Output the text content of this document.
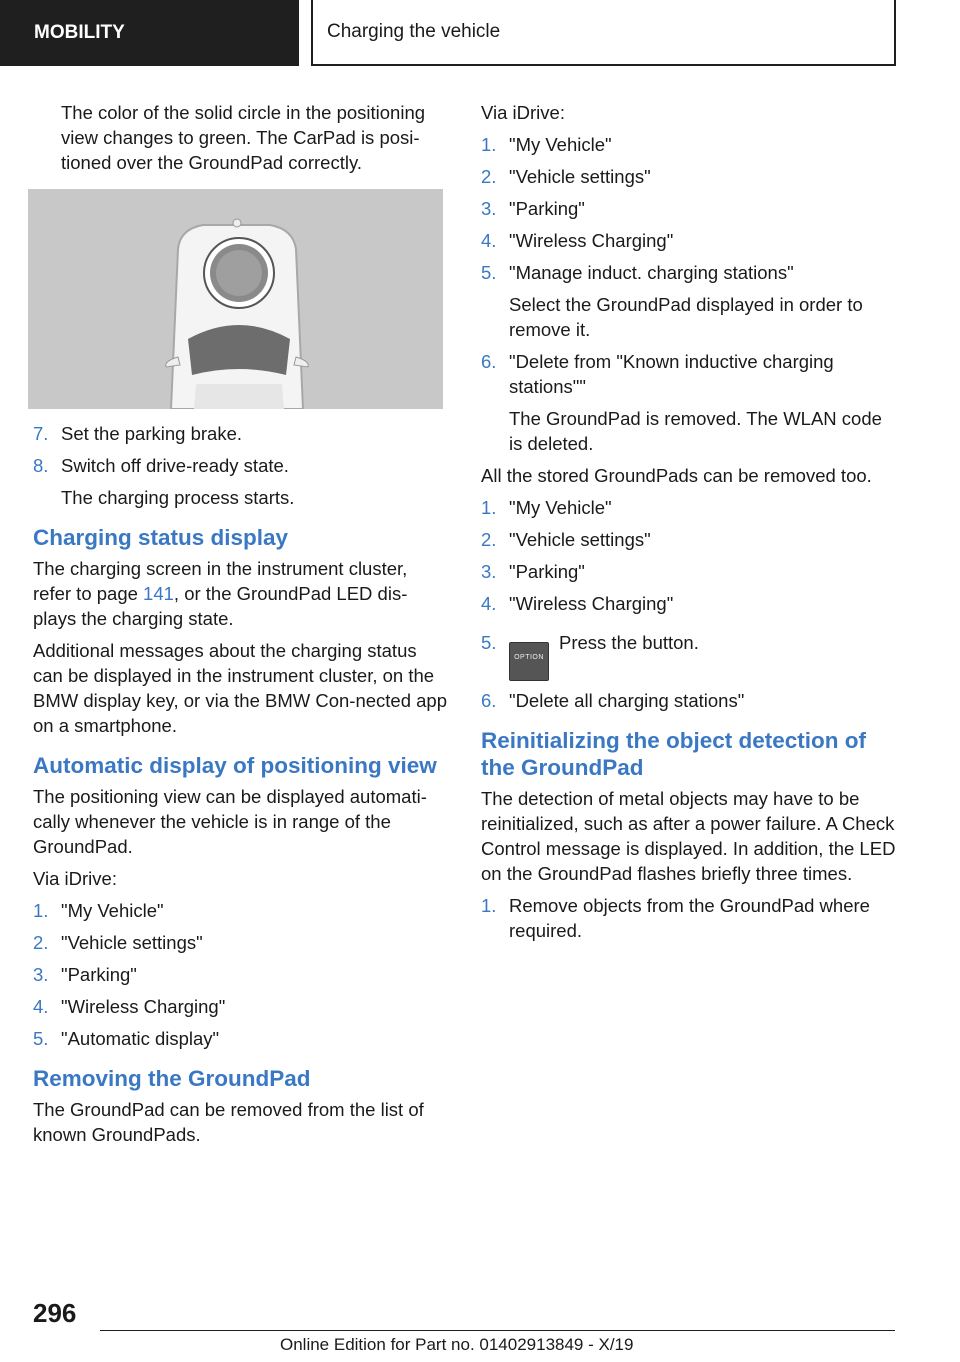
MOBILITY	Charging the vehicle

The color of the solid circle in the positioning view changes to green. The CarPad is posi‐tioned over the GroundPad correctly.

7. Set the parking brake.
8. Switch off drive-ready state.
The charging process starts.
Charging status display

The charging screen in the instrument cluster, refer to page 141, or the GroundPad LED dis‐plays the charging state.

Additional messages about the charging status can be displayed in the instrument cluster, on the BMW display key, or via the BMW Con‐nected app on a smartphone.

Automatic display of positioning view

The positioning view can be displayed automati‐cally whenever the vehicle is in range of the GroundPad.

Via iDrive:

1. "My Vehicle"
2. "Vehicle settings"
3. "Parking"
4. "Wireless Charging"
5. "Automatic display"
Removing the GroundPad

The GroundPad can be removed from the list of known GroundPads.

Via iDrive:

1. "My Vehicle"
2. "Vehicle settings"
3. "Parking"
4. "Wireless Charging"
5. "Manage induct. charging stations"
Select the GroundPad displayed in order to remove it.
6. "Delete from "Known inductive charging stations""
The GroundPad is removed. The WLAN code is deleted.

All the stored GroundPads can be removed too.

1. "My Vehicle"
2. "Vehicle settings"
3. "Parking"
4. "Wireless Charging"
5.
OPTIONPress the button.
6. "Delete all charging stations"
Reinitializing the object detection of the GroundPad

The detection of metal objects may have to be reinitialized, such as after a power failure. A Check Control message is displayed. In addition, the LED on the GroundPad flashes briefly three times.

1. Remove objects from the GroundPad where required.
296
Online Edition for Part no. 01402913849 - X/19
